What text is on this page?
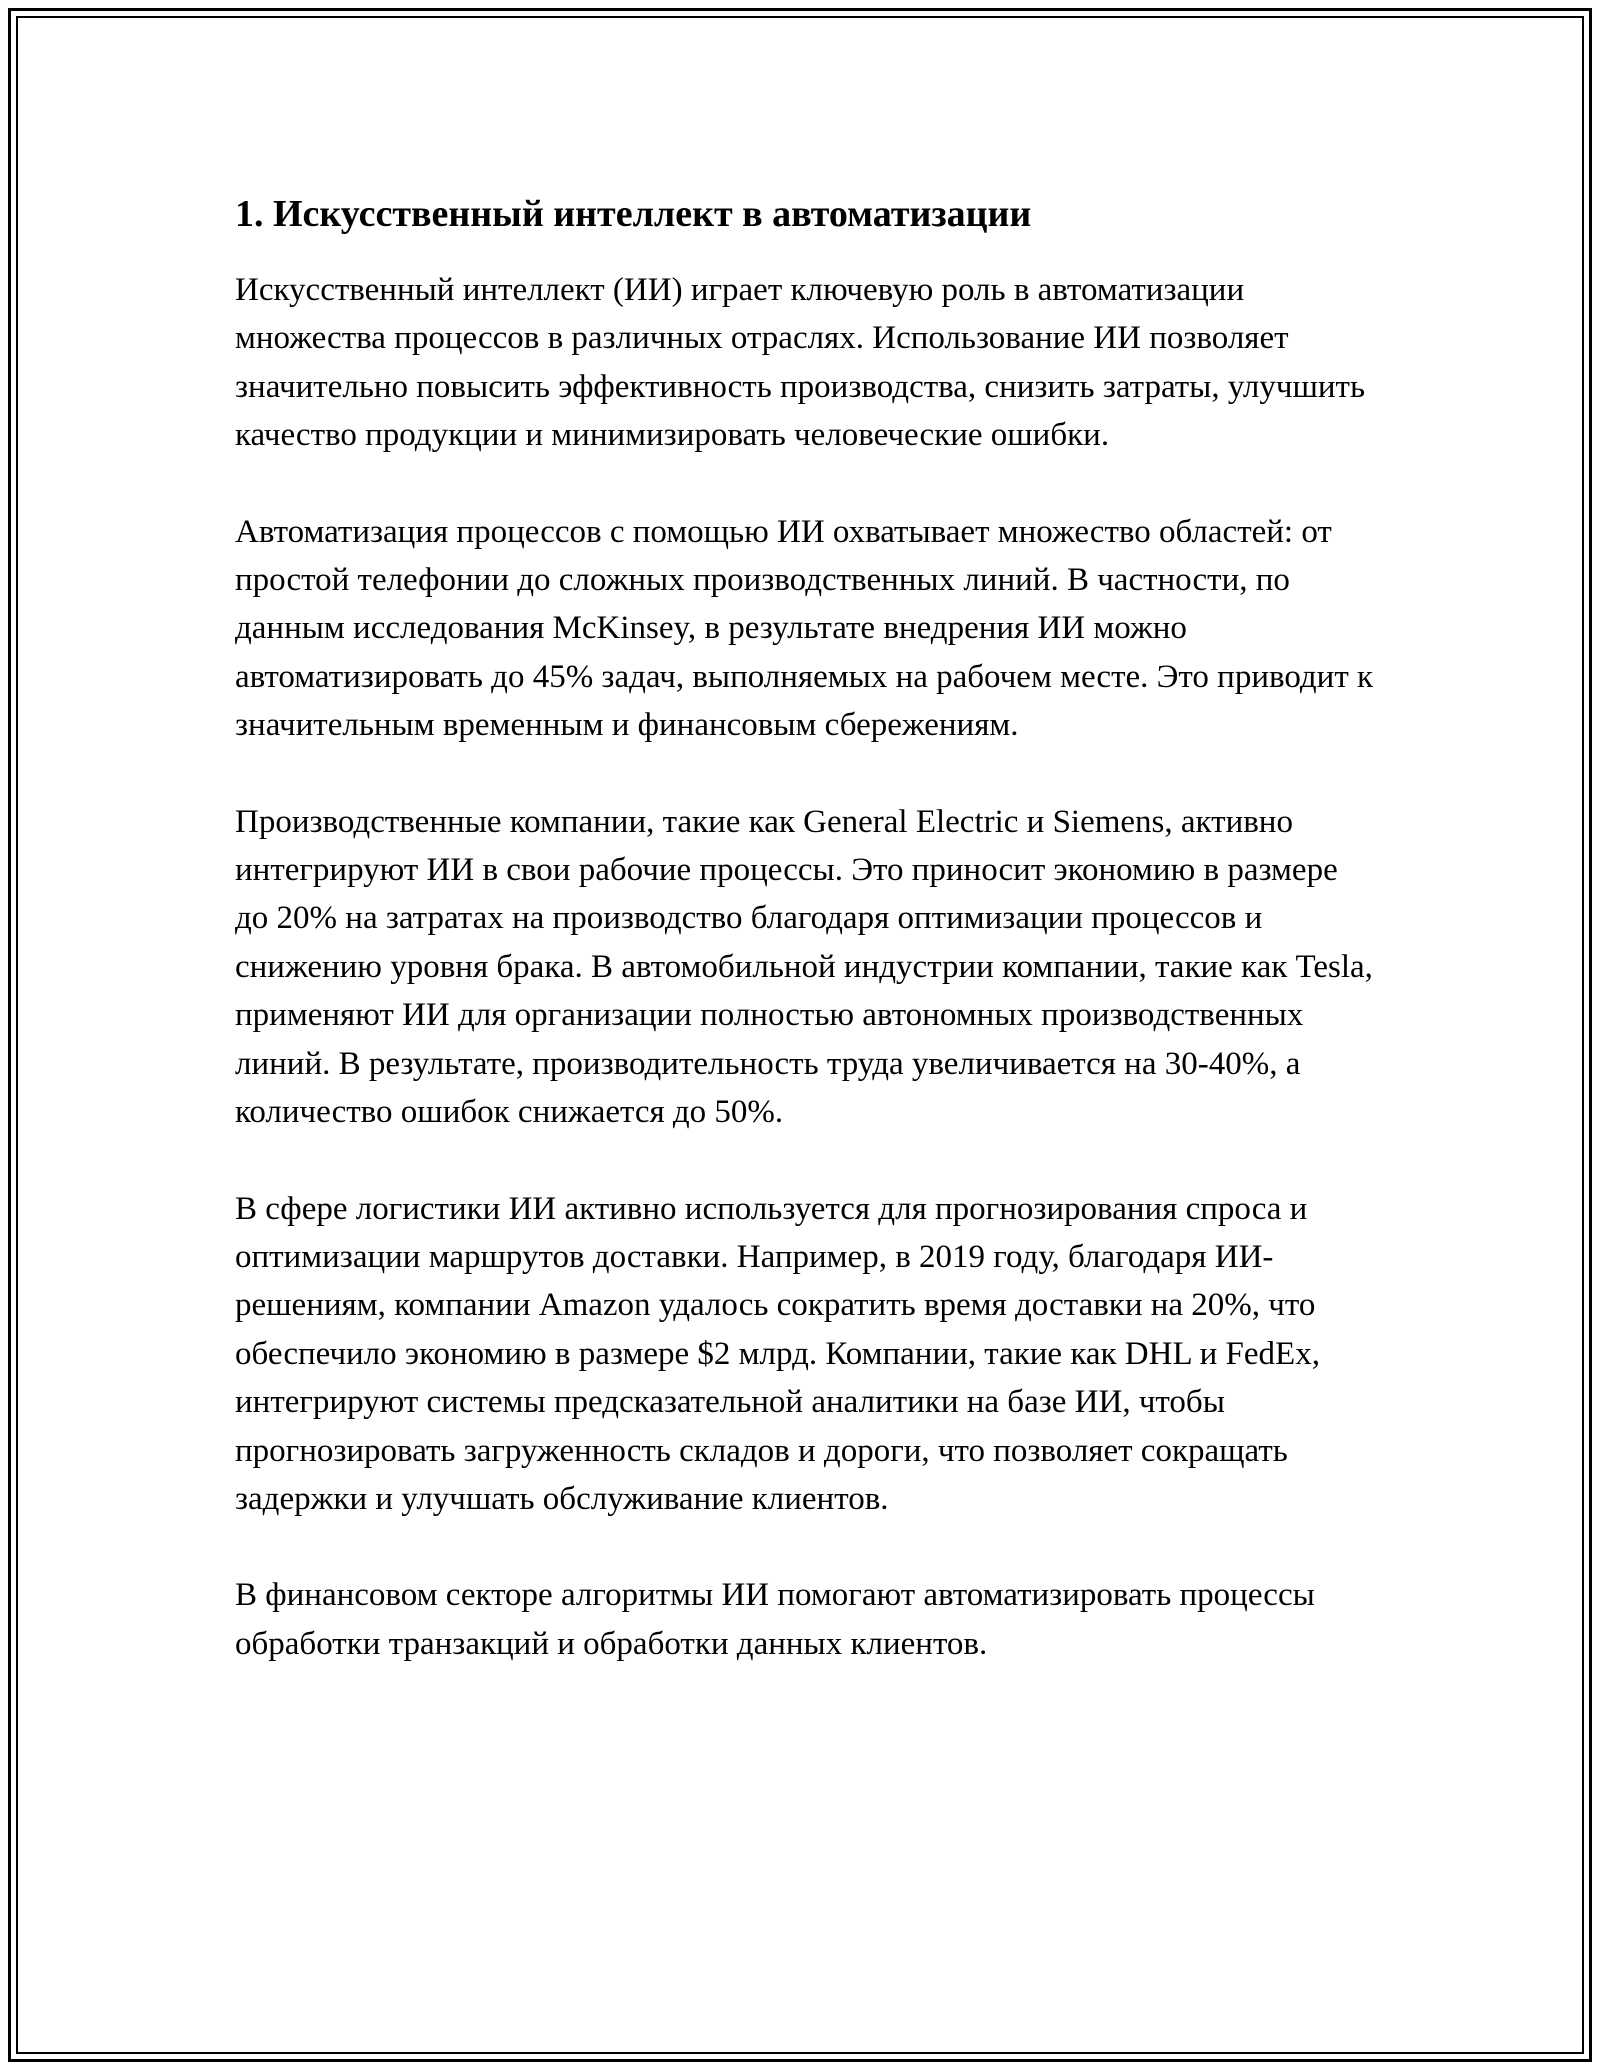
1. Искусственный интеллект в автоматизации

Искусственный интеллект (ИИ) играет ключевую роль в автоматизации множества процессов в различных отраслях. Использование ИИ позволяет значительно повысить эффективность производства, снизить затраты, улучшить качество продукции и минимизировать человеческие ошибки.

Автоматизация процессов с помощью ИИ охватывает множество областей: от простой телефонии до сложных производственных линий. В частности, по данным исследования McKinsey, в результате внедрения ИИ можно автоматизировать до 45% задач, выполняемых на рабочем месте. Это приводит к значительным временным и финансовым сбережениям.

Производственные компании, такие как General Electric и Siemens, активно интегрируют ИИ в свои рабочие процессы. Это приносит экономию в размере до 20% на затратах на производство благодаря оптимизации процессов и снижению уровня брака. В автомобильной индустрии компании, такие как Tesla, применяют ИИ для организации полностью автономных производственных линий. В результате, производительность труда увеличивается на 30-40%, а количество ошибок снижается до 50%.

В сфере логистики ИИ активно используется для прогнозирования спроса и оптимизации маршрутов доставки. Например, в 2019 году, благодаря ИИ-решениям, компании Amazon удалось сократить время доставки на 20%, что обеспечило экономию в размере $2 млрд. Компании, такие как DHL и FedEx, интегрируют системы предсказательной аналитики на базе ИИ, чтобы прогнозировать загруженность складов и дороги, что позволяет сокращать задержки и улучшать обслуживание клиентов.

В финансовом секторе алгоритмы ИИ помогают автоматизировать процессы обработки транзакций и обработки данных клиентов.
